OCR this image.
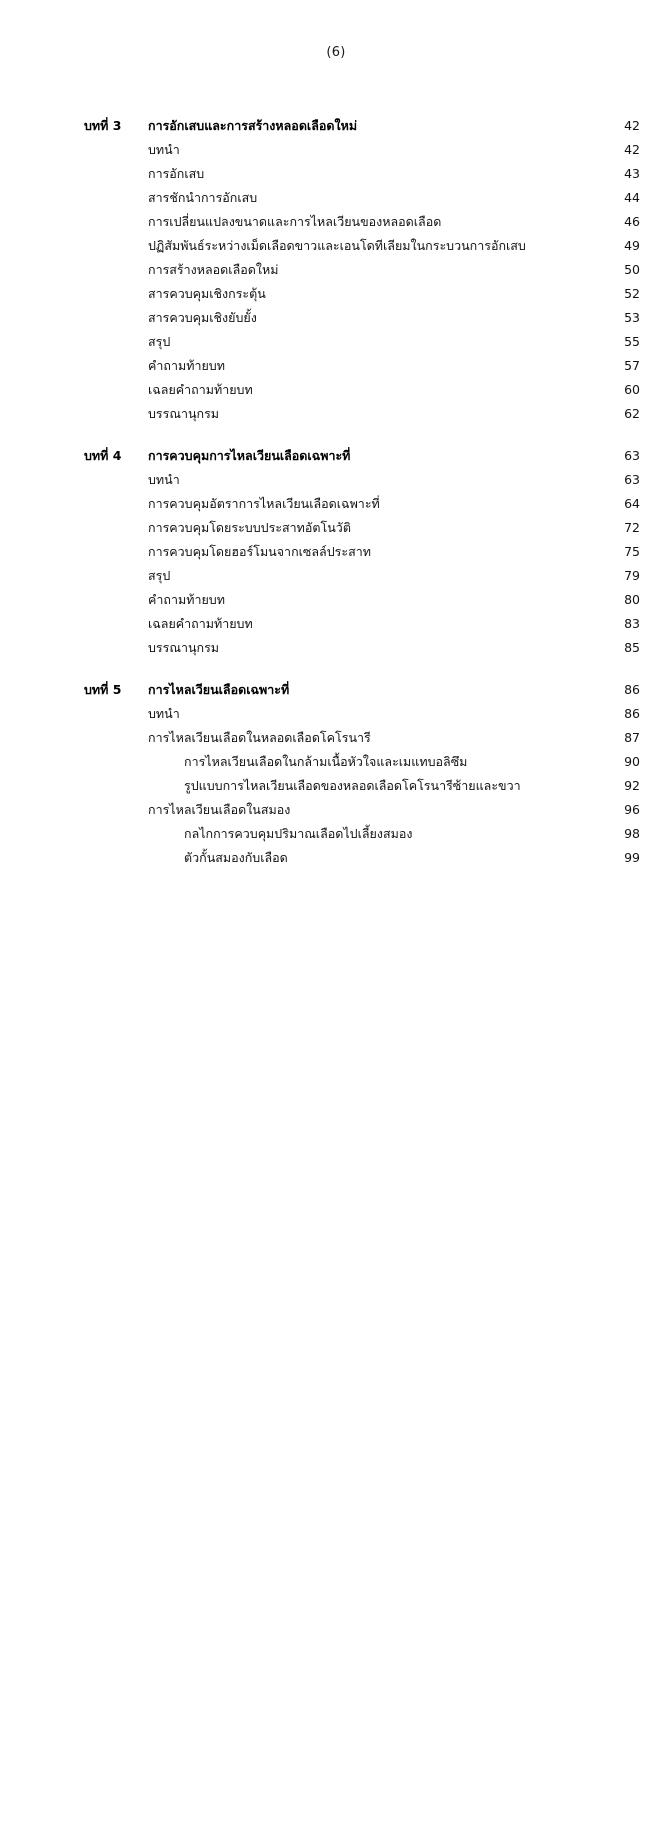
(6)
บทที่ 3	การอักเสบและการสร้างหลอดเลือดใหม่	42
บทนำ	42
การอักเสบ	43
สารชักนำการอักเสบ	44
การเปลี่ยนแปลงขนาดและการไหลเวียนของหลอดเลือด	46
ปฏิสัมพันธ์ระหว่างเม็ดเลือดขาวและเอนโดทีเลียมในกระบวนการอักเสบ	49
การสร้างหลอดเลือดใหม่	50
สารควบคุมเชิงกระตุ้น	52
สารควบคุมเชิงยับยั้ง	53
สรุป	55
คำถามท้ายบท	57
เฉลยคำถามท้ายบท	60
บรรณานุกรม	62
บทที่ 4	การควบคุมการไหลเวียนเลือดเฉพาะที่	63
บทนำ	63
การควบคุมอัตราการไหลเวียนเลือดเฉพาะที่	64
การควบคุมโดยระบบประสาทอัตโนวัติ	72
การควบคุมโดยฮอร์โมนจากเซลล์ประสาท	75
สรุป	79
คำถามท้ายบท	80
เฉลยคำถามท้ายบท	83
บรรณานุกรม	85
บทที่ 5	การไหลเวียนเลือดเฉพาะที่	86
บทนำ	86
การไหลเวียนเลือดในหลอดเลือดโคโรนารี	87
การไหลเวียนเลือดในกล้ามเนื้อหัวใจและเมแทบอลิซึม	90
รูปแบบการไหลเวียนเลือดของหลอดเลือดโคโรนารีซ้ายและขวา	92
การไหลเวียนเลือดในสมอง	96
กลไกการควบคุมปริมาณเลือดไปเลี้ยงสมอง	98
ตัวกั้นสมองกับเลือด	99
